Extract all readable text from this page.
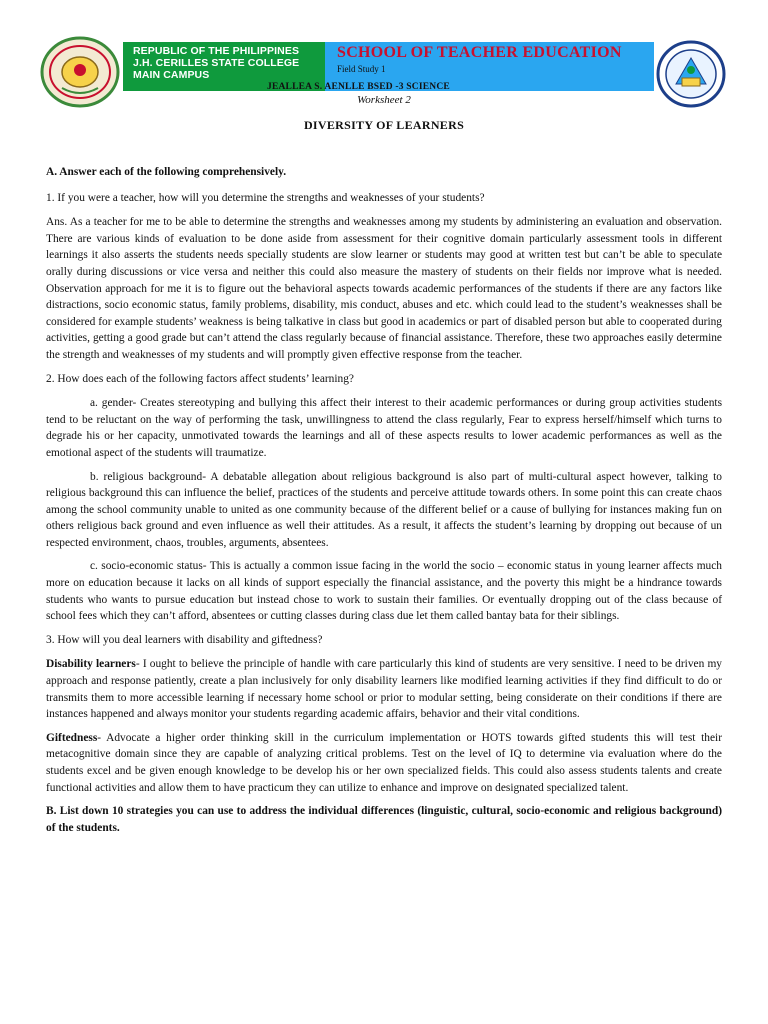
REPUBLIC OF THE PHILIPPINES
J.H. CERILLES STATE COLLEGE
MAIN CAMPUS
SCHOOL OF TEACHER EDUCATION
Field Study 1
JEALLEA S. AENLLE BSED -3 SCIENCE
Worksheet 2
DIVERSITY OF LEARNERS

A. Answer each of the following comprehensively.

1. If you were a teacher, how will you determine the strengths and weaknesses of your students?

Ans. As a teacher for me to be able to determine the strengths and weaknesses among my students by administering an evaluation and observation. There are various kinds of evaluation to be done aside from assessment for their cognitive domain particularly assessment tools in different learnings it also asserts the students needs specially students are slow learner or students may good at written test but can’t be able to speculate orally during discussions or vice versa and neither this could also measure the mastery of students on their fields nor improve what is needed. Observation approach for me it is to figure out the behavioral aspects towards academic performances of the students if there are any factors like distractions, socio economic status, family problems, disability, mis conduct, abuses and etc. which could lead to the student’s weaknesses shall be considered for example students’ weakness is being talkative in class but good in academics or part of disabled person but able to cooperated during activities, getting a good grade but can’t attend the class regularly because of financial assistance. Therefore, these two approaches easily determine the strength and weaknesses of my students and will promptly given effective response from the teacher.

2. How does each of the following factors affect students’ learning?

a. gender- Creates stereotyping and bullying this affect their interest to their academic performances or during group activities students tend to be reluctant on the way of performing the task, unwillingness to attend the class regularly, Fear to express herself/himself which turns to degrade his or her capacity, unmotivated towards the learnings and all of these aspects results to lower academic performances as well as the emotional aspect of the students will traumatize.

b. religious background- A debatable allegation about religious background is also part of multi-cultural aspect however, talking to religious background this can influence the belief, practices of the students and perceive attitude towards others. In some point this can create chaos among the school community unable to united as one community because of the different belief or a cause of bullying for instances making fun on others religious back ground and even influence as well their attitudes. As a result, it affects the student’s learning by dropping out because of un respected environment, chaos, troubles, arguments, absentees.

c. socio-economic status- This is actually a common issue facing in the world the socio – economic status in young learner affects much more on education because it lacks on all kinds of support especially the financial assistance, and the poverty this might be a hindrance towards students who wants to pursue education but instead chose to work to sustain their families. Or eventually dropping out of the class because of school fees which they can’t afford, absentees or cutting classes during class due let them called bantay bata for their siblings.

3. How will you deal learners with disability and giftedness?

Disability learners- I ought to believe the principle of handle with care particularly this kind of students are very sensitive. I need to be driven my approach and response patiently, create a plan inclusively for only disability learners like modified learning activities if they find difficult to do or transmits them to more accessible learning if necessary home school or prior to modular setting, being considerate on their conditions if there are instances happened and always monitor your students regarding academic affairs, behavior and their vital conditions.

Giftedness- Advocate a higher order thinking skill in the curriculum implementation or HOTS towards gifted students this will test their metacognitive domain since they are capable of analyzing critical problems. Test on the level of IQ to determine via evaluation where do the students excel and be given enough knowledge to be develop his or her own specialized fields. This could also assess students talents and create functional activities and allow them to have practicum they can utilize to enhance and improve on designated specialized talent.

B. List down 10 strategies you can use to address the individual differences (linguistic, cultural, socio-economic and religious background) of the students.
